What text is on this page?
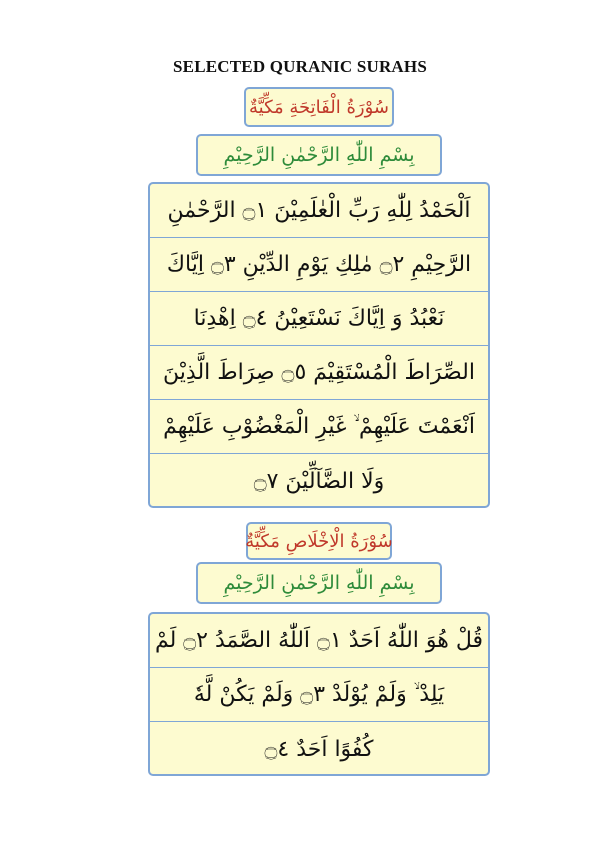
SELECTED QURANIC SURAHS
سُوْرَةُ الْفَاتِحَةِ مَكِّيَّةٌ
بِسْمِ اللّٰهِ الرَّحْمٰنِ الرَّحِيْمِ
اَلْحَمْدُ لِلّٰهِ رَبِّ الْعٰلَمِيْنَ ۝١ الرَّحْمٰنِ
الرَّحِيْمِ ۝٢ مٰلِكِ يَوْمِ الدِّيْنِ ۝٣ اِيَّاكَ
نَعْبُدُ وَ اِيَّاكَ نَسْتَعِيْنُ ۝٤ اِهْدِنَا
الصِّرَاطَ الْمُسْتَقِيْمَ ۝٥ صِرَاطَ الَّذِيْنَ
اَنْعَمْتَ عَلَيْهِمْ ۙ غَيْرِ الْمَغْضُوْبِ عَلَيْهِمْ
وَلَا الضَّآلِّيْنَ ۝٧
سُوْرَةُ الْاِخْلَاصِ مَكِّيَّةٌ
بِسْمِ اللّٰهِ الرَّحْمٰنِ الرَّحِيْمِ
قُلْ هُوَ اللّٰهُ اَحَدٌ ۝١ اَللّٰهُ الصَّمَدُ ۝٢ لَمْ
يَلِدْ ۙ وَلَمْ يُوْلَدْ ۝٣ وَلَمْ يَكُنْ لَّهٗ
كُفُوًا اَحَدٌ ۝٤
